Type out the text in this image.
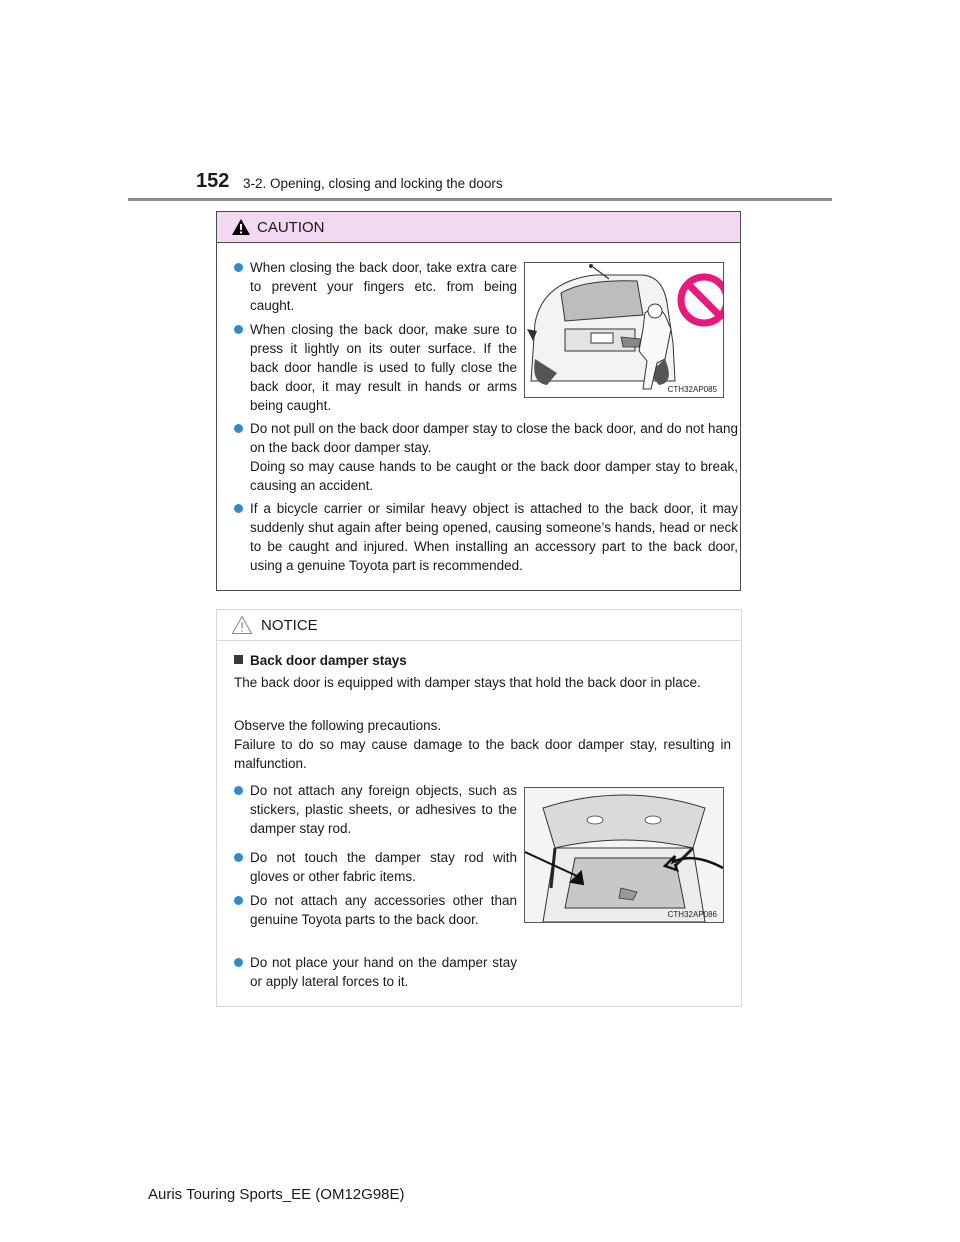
152 3-2. Opening, closing and locking the doors
CAUTION
When closing the back door, take extra care to prevent your fingers etc. from being caught.
When closing the back door, make sure to press it lightly on its outer surface. If the back door handle is used to fully close the back door, it may result in hands or arms being caught.
CTH32AP085
Do not pull on the back door damper stay to close the back door, and do not hang on the back door damper stay.
Doing so may cause hands to be caught or the back door damper stay to break, causing an accident.
If a bicycle carrier or similar heavy object is attached to the back door, it may suddenly shut again after being opened, causing someone’s hands, head or neck to be caught and injured. When installing an accessory part to the back door, using a genuine Toyota part is recommended.
NOTICE
Back door damper stays
The back door is equipped with damper stays that hold the back door in place.
Observe the following precautions.
Failure to do so may cause damage to the back door damper stay, resulting in malfunction.
Do not attach any foreign objects, such as stickers, plastic sheets, or adhesives to the damper stay rod.
Do not touch the damper stay rod with gloves or other fabric items.
Do not attach any accessories other than genuine Toyota parts to the back door.
Do not place your hand on the damper stay or apply lateral forces to it.
CTH32AP086
Auris Touring Sports_EE (OM12G98E)
